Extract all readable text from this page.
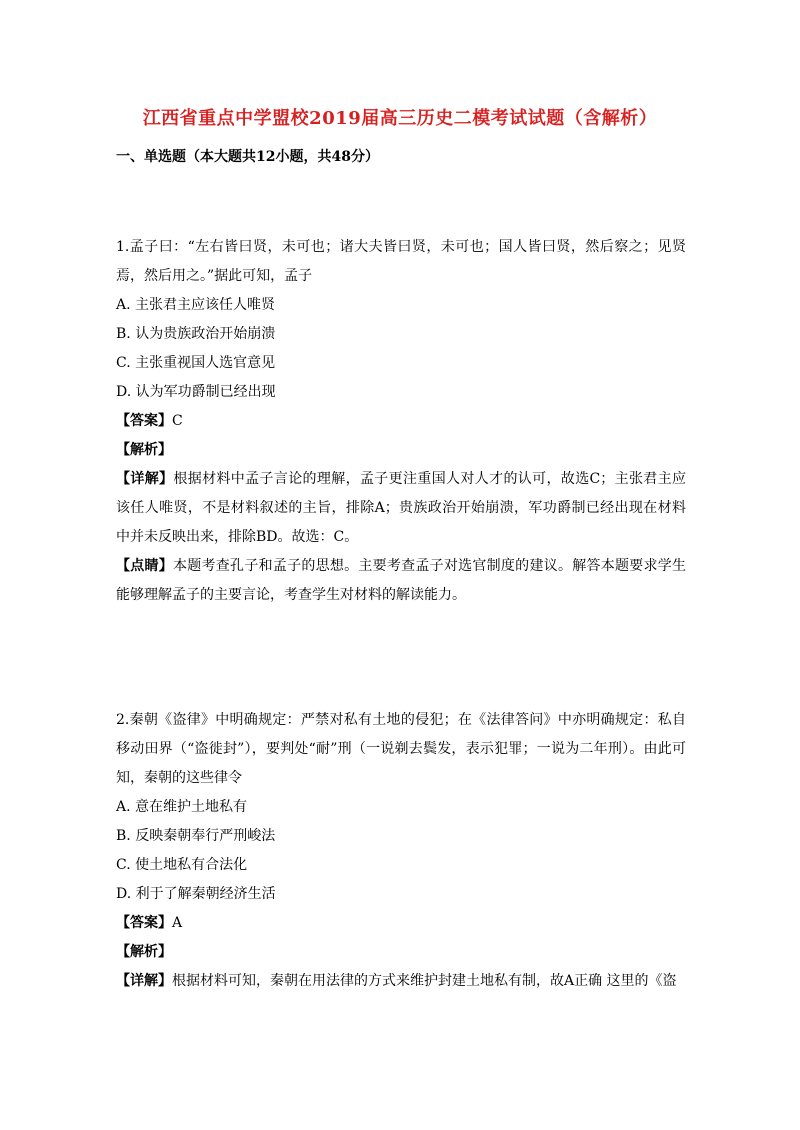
江西省重点中学盟校2019届高三历史二模考试试题（含解析）
一、单选题（本大题共12小题，共48分）

1.孟子曰：“左右皆曰贤，未可也；诸大夫皆曰贤，未可也；国人皆曰贤，然后察之；见贤焉，然后用之。”据此可知，孟子

A. 主张君主应该任人唯贤

B. 认为贵族政治开始崩溃

C. 主张重视国人选官意见

D. 认为军功爵制已经出现

【答案】C

【解析】

【详解】根据材料中孟子言论的理解，孟子更注重国人对人才的认可，故选C；主张君主应该任人唯贤，不是材料叙述的主旨，排除A；贵族政治开始崩溃，军功爵制已经出现在材料中并未反映出来，排除BD。故选：C。

【点睛】本题考查孔子和孟子的思想。主要考查孟子对选官制度的建议。解答本题要求学生能够理解孟子的主要言论，考查学生对材料的解读能力。

2.秦朝《盗律》中明确规定：严禁对私有土地的侵犯；在《法律答问》中亦明确规定：私自移动田界（“盗徙封”），要判处“耐”刑（一说剃去鬓发，表示犯罪；一说为二年刑）。由此可知，秦朝的这些律令

A. 意在维护土地私有

B. 反映秦朝奉行严刑峻法

C. 使土地私有合法化

D. 利于了解秦朝经济生活

【答案】A

【解析】

【详解】根据材料可知，秦朝在用法律的方式来维护封建土地私有制，故A正确 这里的《盗
